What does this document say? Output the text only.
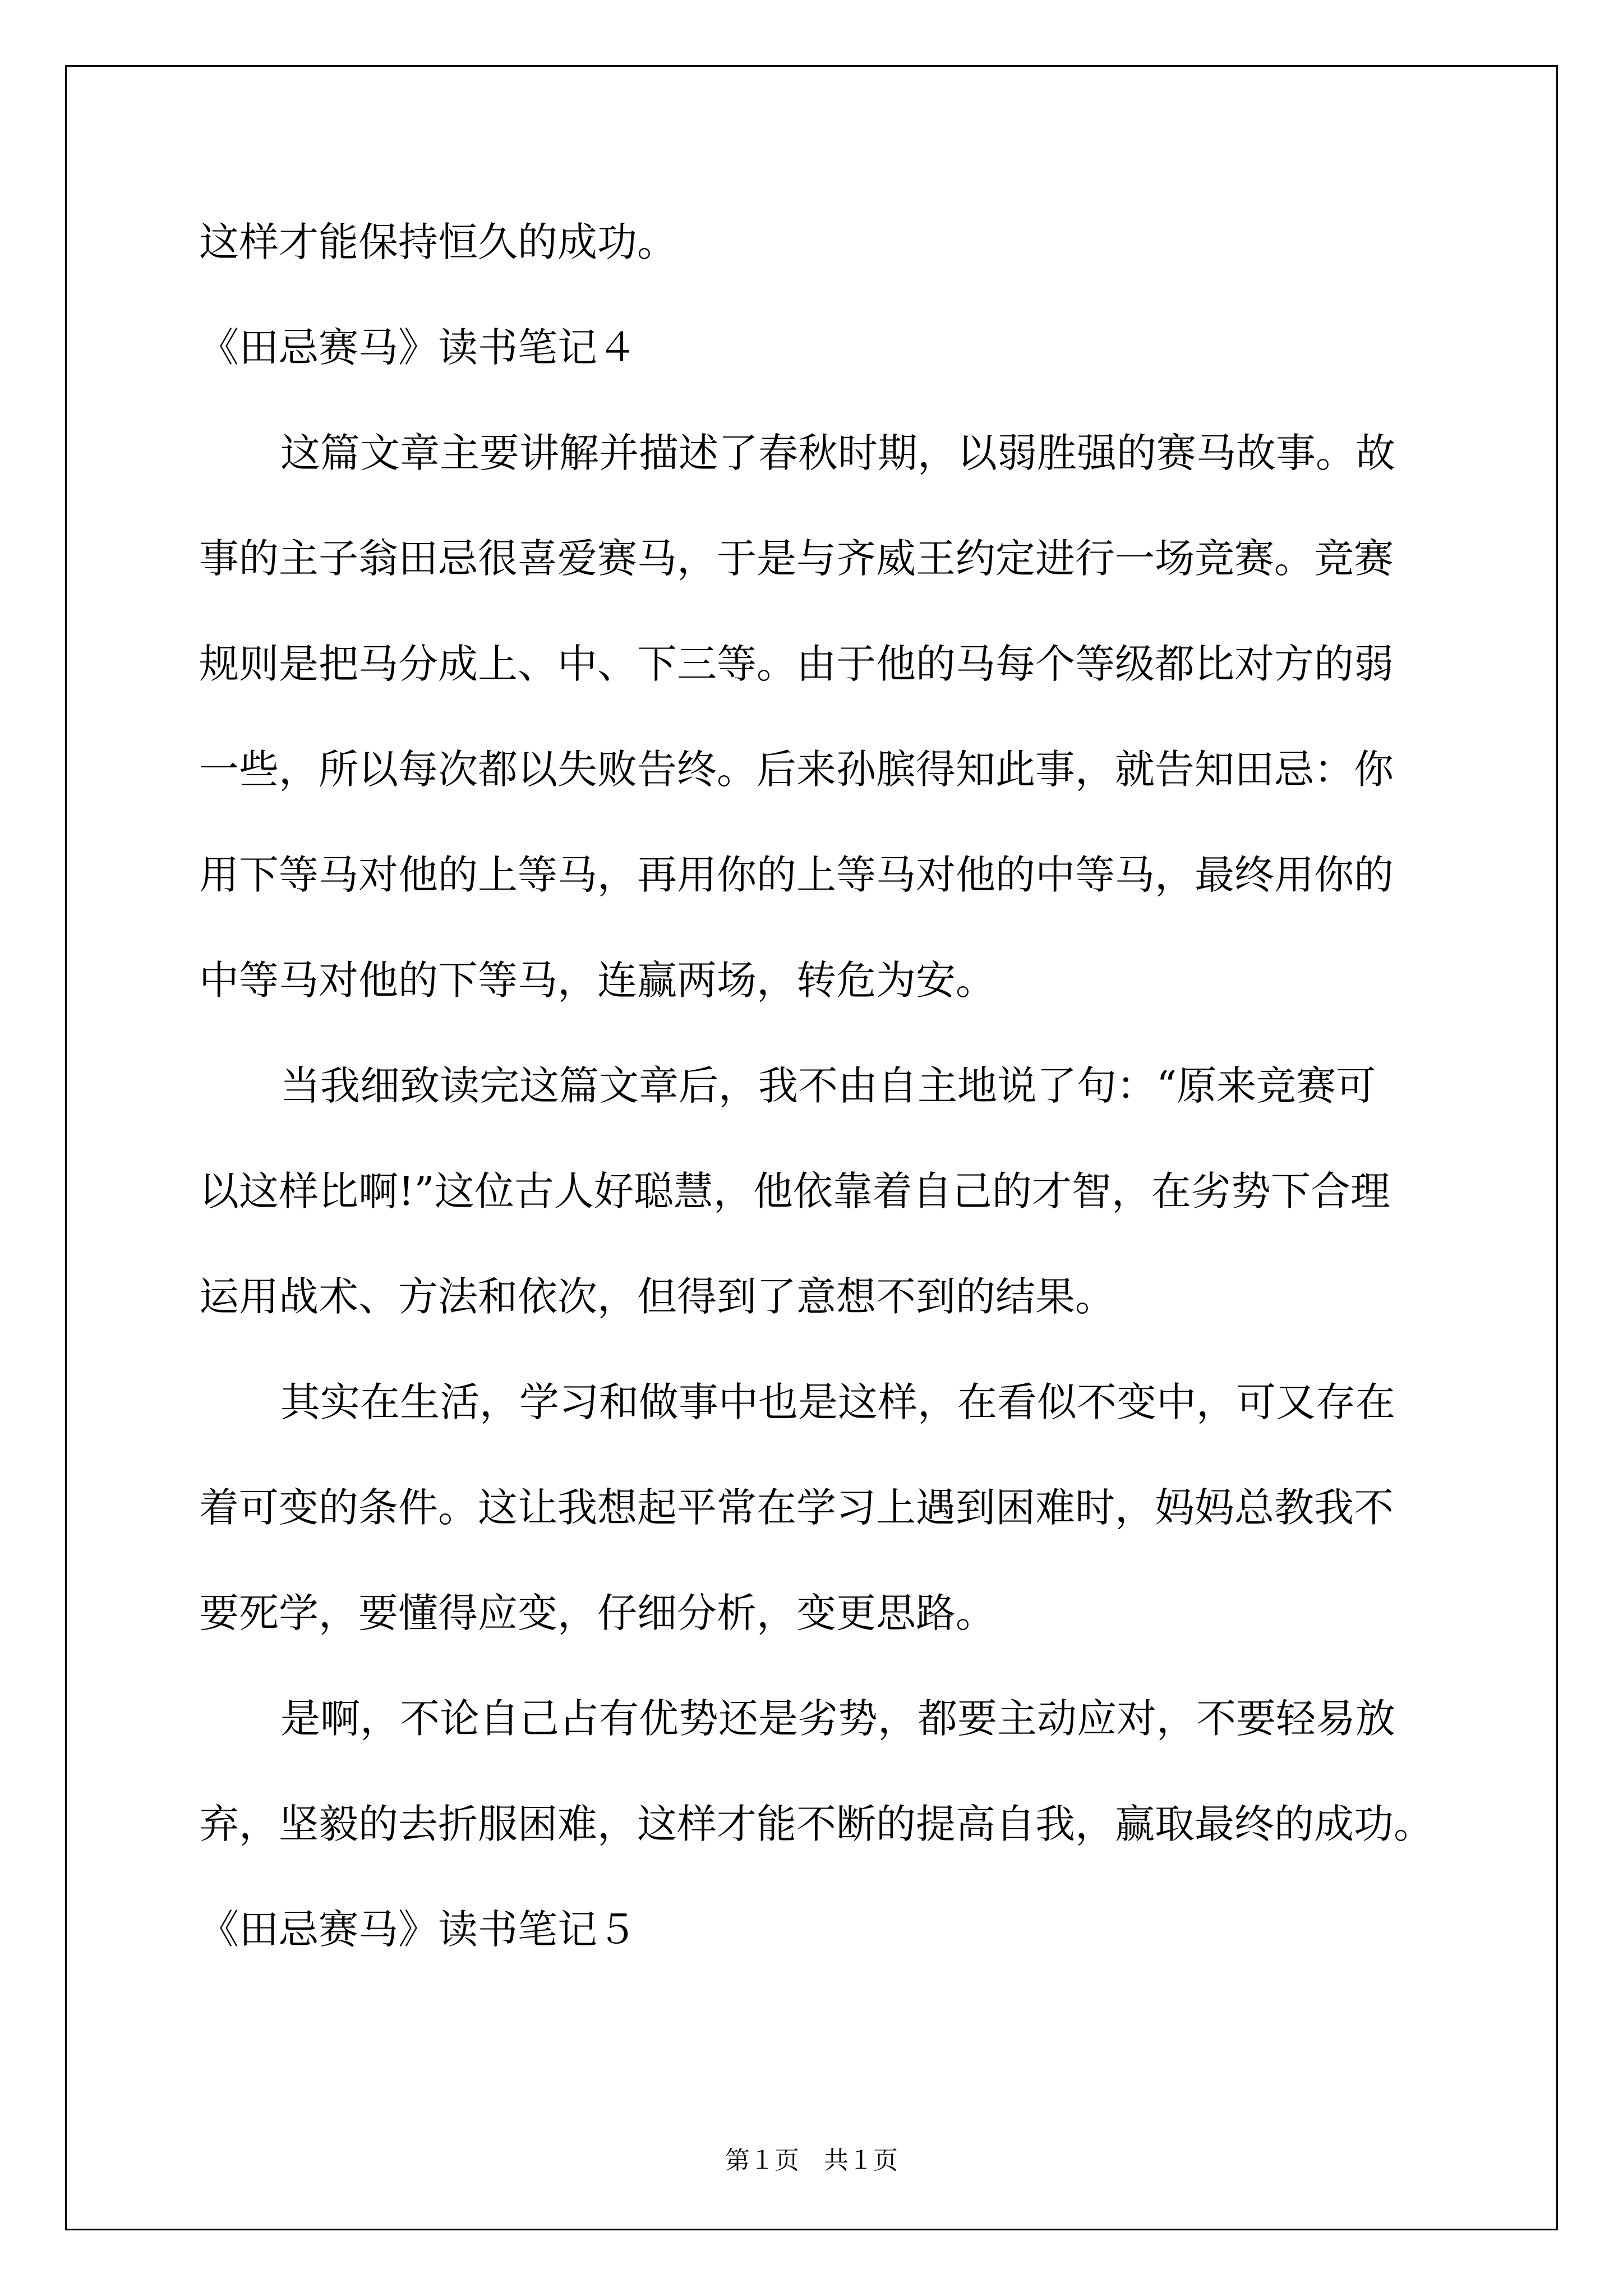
这样才能保持恒久的成功。
《田忌赛马》读书笔记４
这篇文章主要讲解并描述了春秋时期，以弱胜强的赛马故事。故
事的主子翁田忌很喜爱赛马，于是与齐威王约定进行一场竞赛。竞赛
规则是把马分成上、中、下三等。由于他的马每个等级都比对方的弱
一些，所以每次都以失败告终。后来孙膑得知此事，就告知田忌：你
用下等马对他的上等马，再用你的上等马对他的中等马，最终用你的
中等马对他的下等马，连赢两场，转危为安。
当我细致读完这篇文章后，我不由自主地说了句：“原来竞赛可
以这样比啊!”这位古人好聪慧，他依靠着自己的才智，在劣势下合理
运用战术、方法和依次，但得到了意想不到的结果。
其实在生活，学习和做事中也是这样，在看似不变中，可又存在
着可变的条件。这让我想起平常在学习上遇到困难时，妈妈总教我不
要死学，要懂得应变，仔细分析，变更思路。
是啊，不论自己占有优势还是劣势，都要主动应对，不要轻易放
弃，坚毅的去折服困难，这样才能不断的提高自我，赢取最终的成功。
《田忌赛马》读书笔记５
第１页　共１页
